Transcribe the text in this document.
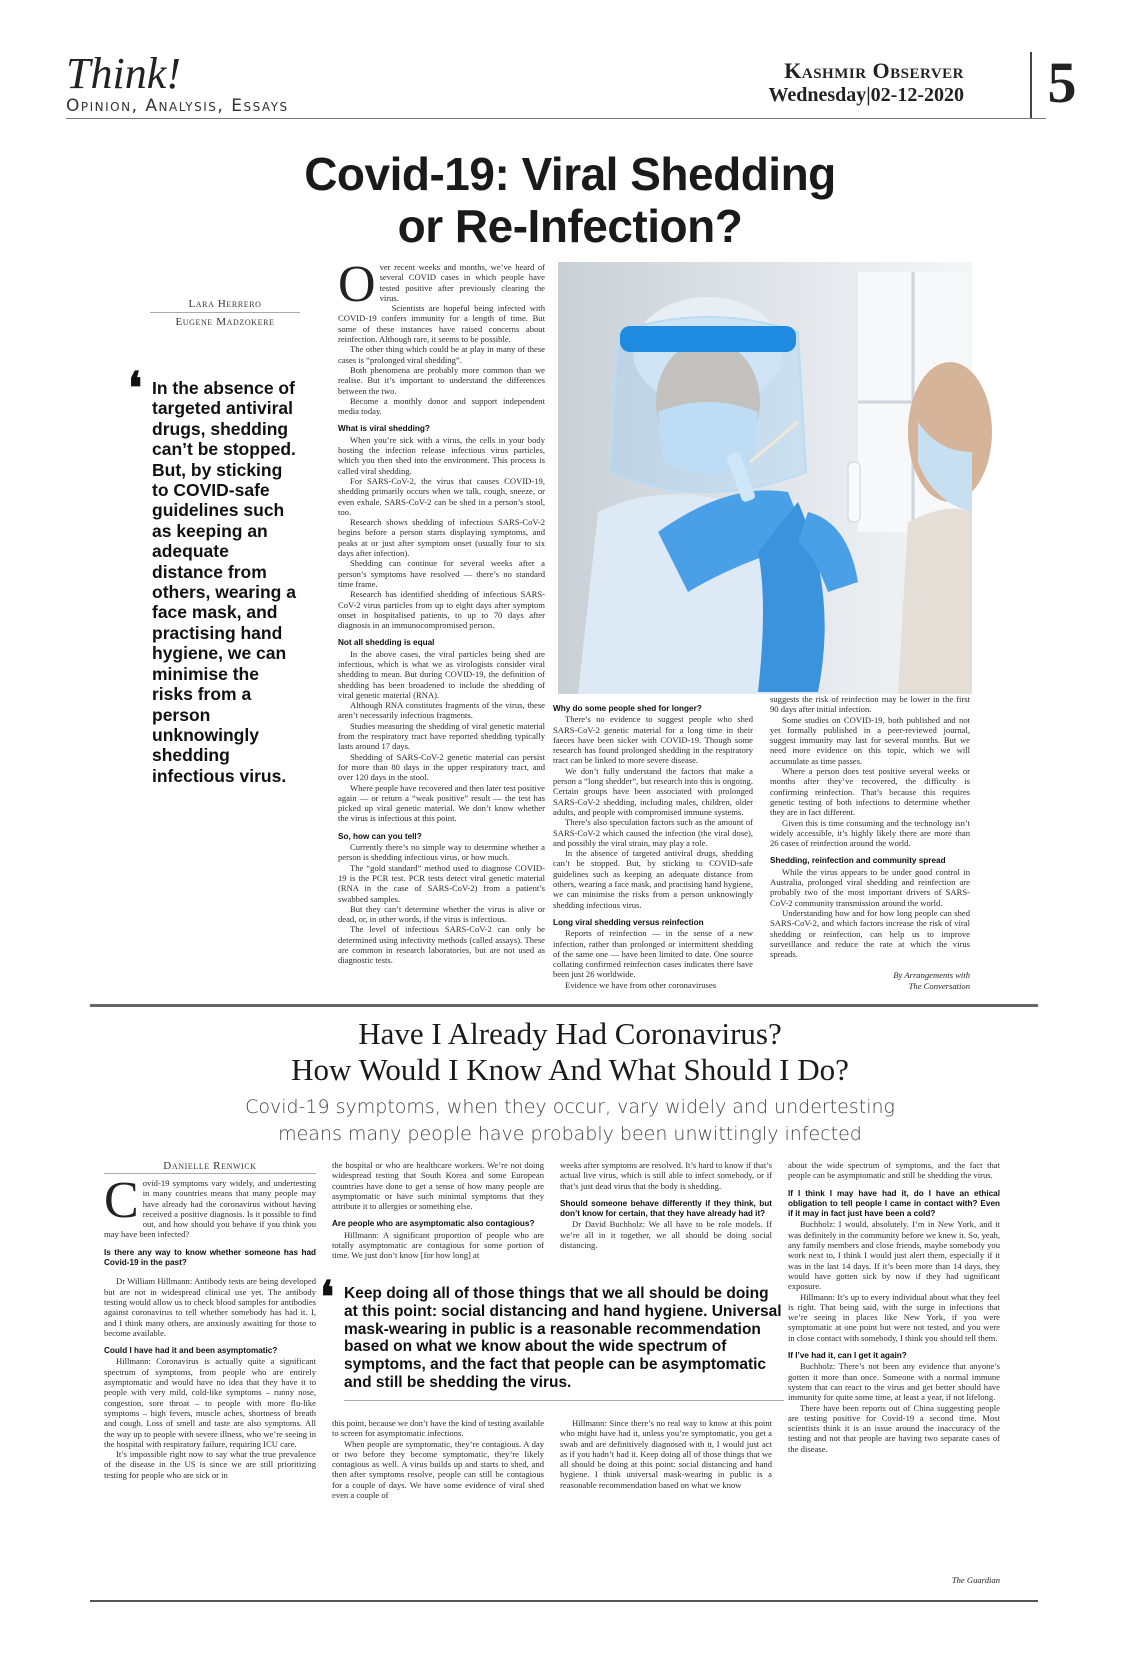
Think!
Opinion, Analysis, Essays
Kashmir Observer
Wednesday|02-12-2020	5
Covid-19: Viral Shedding
or Re-Infection?
Lara Herrero
Eugene Madzokere
❛ In the absence of targeted antiviral drugs, shedding can’t be stopped. But, by sticking to COVID-safe guidelines such as keeping an adequate distance from others, wearing a face mask, and practising hand hygiene, we can minimise the risks from a person unknowingly shedding infectious virus.
O ver recent weeks and months, we’ve heard of several COVID cases in which people have tested positive after previously clearing the virus.

Scientists are hopeful being infected with COVID-19 confers immunity for a length of time. But some of these instances have raised concerns about reinfection. Although rare, it seems to be possible.

The other thing which could be at play in many of these cases is “prolonged viral shedding”.

Both phenomena are probably more common than we realise. But it’s important to understand the differences between the two.

Become a monthly donor and support independent media today.

What is viral shedding?

When you’re sick with a virus, the cells in your body hosting the infection release infectious virus particles, which you then shed into the environment. This process is called viral shedding.

For SARS-CoV-2, the virus that causes COVID-19, shedding primarily occurs when we talk, cough, sneeze, or even exhale. SARS-CoV-2 can be shed in a person’s stool, too.

Research shows shedding of infectious SARS-CoV-2 begins before a person starts displaying symptoms, and peaks at or just after symptom onset (usually four to six days after infection).

Shedding can continue for several weeks after a person’s symptoms have resolved — there’s no standard time frame.

Research has identified shedding of infectious SARS-CoV-2 virus particles from up to eight days after symptom onset in hospitalised patients, to up to 70 days after diagnosis in an immunocompromised person.

Not all shedding is equal

In the above cases, the viral particles being shed are infectious, which is what we as virologists consider viral shedding to mean. But during COVID-19, the definition of shedding has been broadened to include the shedding of viral genetic material (RNA).

Although RNA constitutes fragments of the virus, these aren’t necessarily infectious fragments.

Studies measuring the shedding of viral genetic material from the respiratory tract have reported shedding typically lasts around 17 days.

Shedding of SARS-CoV-2 genetic material can persist for more than 80 days in the upper respiratory tract, and over 120 days in the stool.

Where people have recovered and then later test positive again — or return a “weak positive” result — the test has picked up viral genetic material. We don’t know whether the virus is infectious at this point.

So, how can you tell?

Currently there’s no simple way to determine whether a person is shedding infectious virus, or how much.

The “gold standard” method used to diagnose COVID-19 is the PCR test. PCR tests detect viral genetic material (RNA in the case of SARS-CoV-2) from a patient’s swabbed samples.

But they can’t determine whether the virus is alive or dead, or, in other words, if the virus is infectious.

The level of infectious SARS-CoV-2 can only be determined using infectivity methods (called assays). These are common in research laboratories, but are not used as diagnostic tests.

Why do some people shed for longer?

There’s no evidence to suggest people who shed SARS-CoV-2 genetic material for a long time in their faeces have been sicker with COVID-19. Though some research has found prolonged shedding in the respiratory tract can be linked to more severe disease.

We don’t fully understand the factors that make a person a “long shedder”, but research into this is ongoing. Certain groups have been associated with prolonged SARS-CoV-2 shedding, including males, children, older adults, and people with compromised immune systems.

There’s also speculation factors such as the amount of SARS-CoV-2 which caused the infection (the viral dose), and possibly the viral strain, may play a role.

In the absence of targeted antiviral drugs, shedding can’t be stopped. But, by sticking to COVID-safe guidelines such as keeping an adequate distance from others, wearing a face mask, and practising hand hygiene, we can minimise the risks from a person unknowingly shedding infectious virus.

Long viral shedding versus reinfection

Reports of reinfection — in the sense of a new infection, rather than prolonged or intermittent shedding of the same one — have been limited to date. One source collating confirmed reinfection cases indicates there have been just 26 worldwide.

Evidence we have from other coronaviruses

suggests the risk of reinfection may be lower in the first 90 days after initial infection.

Some studies on COVID-19, both published and not yet formally published in a peer-reviewed journal, suggest immunity may last for several months. But we need more evidence on this topic, which we will accumulate as time passes.

Where a person does test positive several weeks or months after they’ve recovered, the difficulty is confirming reinfection. That’s because this requires genetic testing of both infections to determine whether they are in fact different.

Given this is time consuming and the technology isn’t widely accessible, it’s highly likely there are more than 26 cases of reinfection around the world.

Shedding, reinfection and community spread

While the virus appears to be under good control in Australia, prolonged viral shedding and reinfection are probably two of the most important drivers of SARS-CoV-2 community transmission around the world.

Understanding how and for how long people can shed SARS-CoV-2, and which factors increase the risk of viral shedding or reinfection, can help us to improve surveillance and reduce the rate at which the virus spreads.

By Arrangements with
The Conversation
Have I Already Had Coronavirus?
How Would I Know And What Should I Do?
Covid-19 symptoms, when they occur, vary widely and undertesting
means many people have probably been unwittingly infected
Danielle Renwick
C ovid-19 symptoms vary widely, and undertesting in many countries means that many people may have already had the coronavirus without having received a positive diagnosis. Is it possible to find out, and how should you behave if you think you may have been infected?

Is there any way to know whether someone has had Covid-19 in the past?

Dr William Hillmann: Antibody tests are being developed but are not in widespread clinical use yet. The antibody testing would allow us to check blood samples for antibodies against coronavirus to tell whether somebody has had it. I, and I think many others, are anxiously awaiting for those to become available.

Could I have had it and been asymptomatic?

Hillmann: Coronavirus is actually quite a significant spectrum of symptoms, from people who are entirely asymptomatic and would have no idea that they have it to people with very mild, cold-like symptoms – runny nose, congestion, sore throat – to people with more flu-like symptoms – high fevers, muscle aches, shortness of breath and cough. Loss of smell and taste are also symptoms. All the way up to people with severe illness, who we’re seeing in the hospital with respiratory failure, requiring ICU care.

It’s impossible right now to say what the true prevalence of the disease in the US is since we are still prioritizing testing for people who are sick or in

the hospital or who are healthcare workers. We’re not doing widespread testing that South Korea and some European countries have done to get a sense of how many people are asymptomatic or have such minimal symptoms that they attribute it to allergies or something else.

Are people who are asymptomatic also contagious?

Hillmann: A significant proportion of people who are totally asymptomatic are contagious for some portion of time. We just don’t know [for how long] at

weeks after symptoms are resolved. It’s hard to know if that’s actual live virus, which is still able to infect somebody, or if that’s just dead virus that the body is shedding.

Should someone behave differently if they think, but don’t know for certain, that they have already had it?

Dr David Buchholz: We all have to be role models. If we’re all in it together, we all should be doing social distancing.

❛ Keep doing all of those things that we all should be doing at this point: social distancing and hand hygiene. Universal mask-wearing in public is a reasonable recommendation based on what we know about the wide spectrum of symptoms, and the fact that people can be asymptomatic and still be shedding the virus.

this point, because we don’t have the kind of testing available to screen for asymptomatic infections.

When people are symptomatic, they’re contagious. A day or two before they become symptomatic, they’re likely contagious as well. A virus builds up and starts to shed, and then after symptoms resolve, people can still be contagious for a couple of days. We have some evidence of viral shed even a couple of

Hillmann: Since there’s no real way to know at this point who might have had it, unless you’re symptomatic, you get a swab and are definitively diagnosed with it, I would just act as if you hadn’t had it. Keep doing all of those things that we all should be doing at this point: social distancing and hand hygiene. I think universal mask-wearing in public is a reasonable recommendation based on what we know

about the wide spectrum of symptoms, and the fact that people can be asymptomatic and still be shedding the virus.

If I think I may have had it, do I have an ethical obligation to tell people I came in contact with? Even if it may in fact just have been a cold?

Buchholz: I would, absolutely. I’m in New York, and it was definitely in the community before we knew it. So, yeah, any family members and close friends, maybe somebody you work next to, I think I would just alert them, especially if it was in the last 14 days. If it’s been more than 14 days, they would have gotten sick by now if they had significant exposure.

Hillmann: It’s up to every individual about what they feel is right. That being said, with the surge in infections that we’re seeing in places like New York, if you were symptomatic at one point but were not tested, and you were in close contact with somebody, I think you should tell them.

If I’ve had it, can I get it again?

Buchholz: There’s not been any evidence that anyone’s gotten it more than once. Someone with a normal immune system that can react to the virus and get better should have immunity for quite some time, at least a year, if not lifelong.

There have been reports out of China suggesting people are testing positive for Covid-19 a second time. Most scientists think it is an issue around the inaccuracy of the testing and not that people are having two separate cases of the disease.

The Guardian
